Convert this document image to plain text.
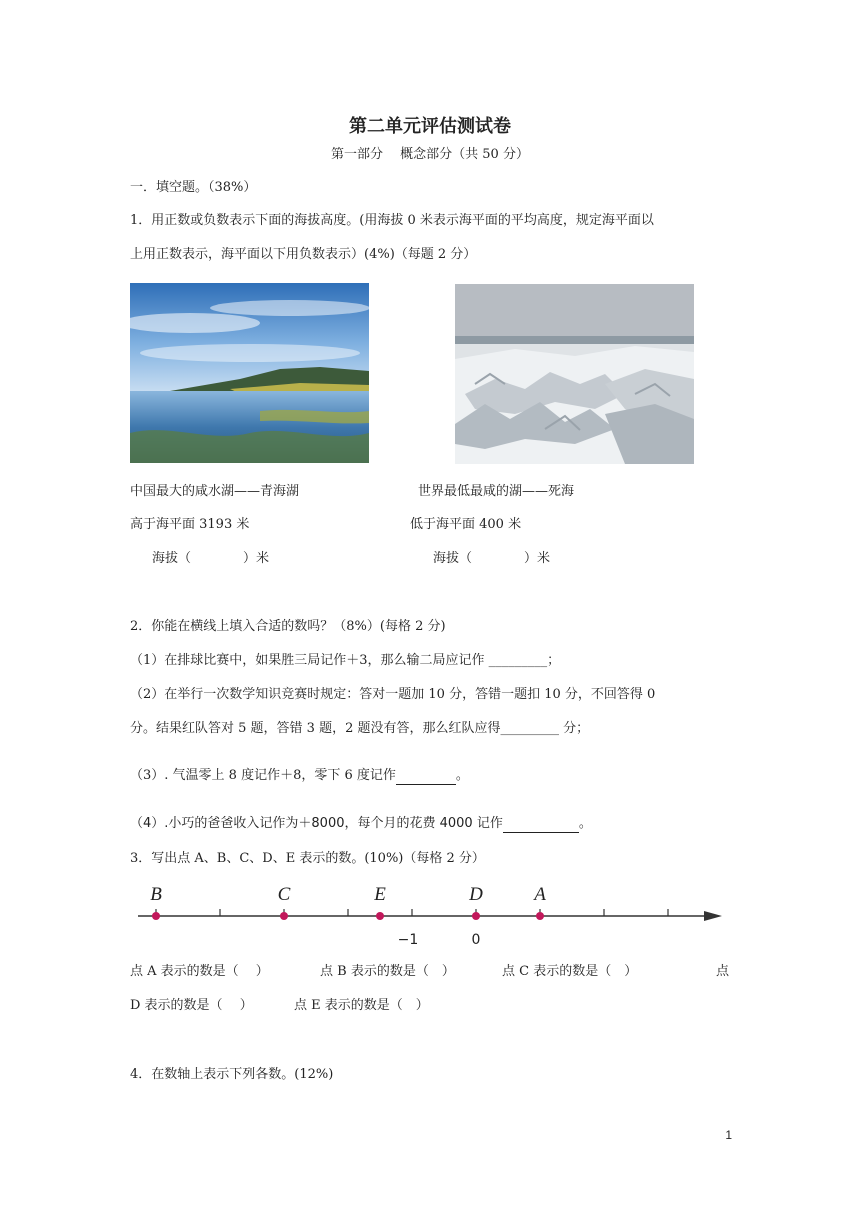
第二单元评估测试卷
第一部分　 概念部分（共 50 分）
一．填空题。（38%）
1．用正数或负数表示下面的海拔高度。(用海拔 0 米表示海平面的平均高度，规定海平面以
上用正数表示，海平面以下用负数表示）(4%)（每题 2 分）
中国最大的咸水湖——青海湖	世界最低最咸的湖——死海
高于海平面 3193 米	低于海平面 400 米
海拔（　　　　）米	海拔（　　　　）米
2．你能在横线上填入合适的数吗？（8%）(每格 2 分)
（1）在排球比赛中，如果胜三局记作＋3，那么输二局应记作 _________；
（2）在举行一次数学知识竞赛时规定：答对一题加 10 分，答错一题扣 10 分，不回答得 0
分。结果红队答对 5 题，答错 3 题，2 题没有答，那么红队应得_________ 分；
（3）. 气温零上 8 度记作＋8，零下 6 度记作	。
（4）.小巧的爸爸收入记作为＋8000，每个月的花费 4000 记作	。
3．写出点 A、B、C、D、E 表示的数。(10%)（每格 2 分）
B	C	E	D	A
−1	0
点 A 表示的数是（　 ）	点 B 表示的数是（　）	点 C 表示的数是（　）	点
D 表示的数是（　 ）	点 E 表示的数是（　）
4．在数轴上表示下列各数。(12%)
1
